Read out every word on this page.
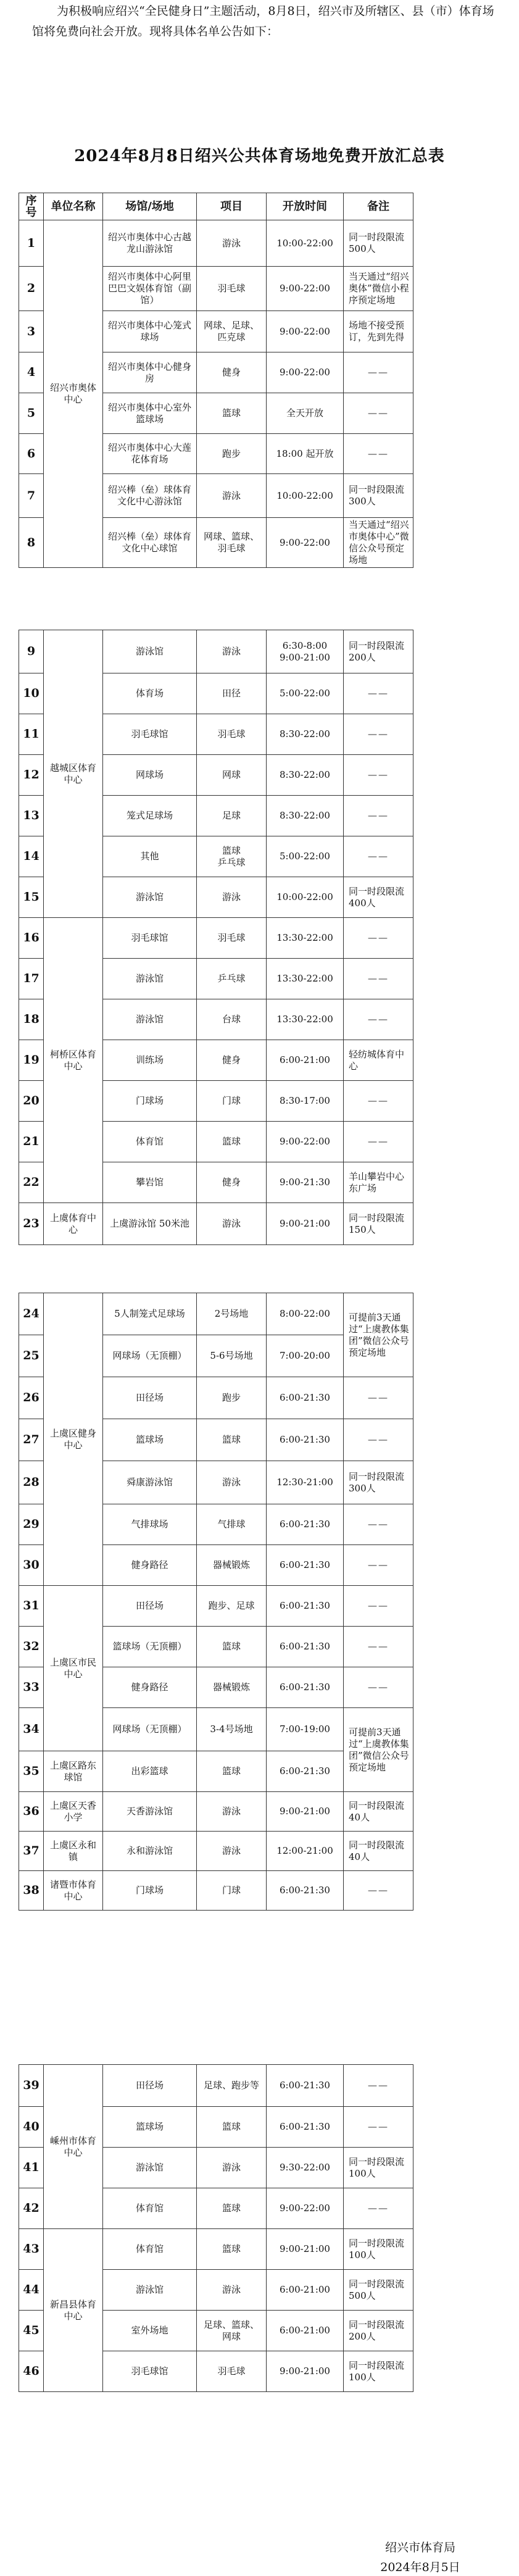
为积极响应绍兴“全民健身日”主题活动，8月8日，绍兴市及所辖区、县（市）体育场馆将免费向社会开放。现将具体名单公告如下：
2024年8月8日绍兴公共体育场地免费开放汇总表
序号	单位名称	场馆/场地	项目	开放时间	备注
1	绍兴市奥体中心	绍兴市奥体中心古越龙山游泳馆	游泳	10:00-22:00	同一时段限流500人
2		绍兴市奥体中心阿里巴巴文娱体育馆（副馆）	羽毛球	9:00-22:00	当天通过“绍兴奥体”微信小程序预定场地
3		绍兴市奥体中心笼式球场	网球、足球、匹克球	9:00-22:00	场地不接受预订，先到先得
4		绍兴市奥体中心健身房	健身	9:00-22:00	——
5		绍兴市奥体中心室外篮球场	篮球	全天开放	——
6		绍兴市奥体中心大莲花体育场	跑步	18:00 起开放	——
7		绍兴棒（垒）球体育文化中心游泳馆	游泳	10:00-22:00	同一时段限流300人
8		绍兴棒（垒）球体育文化中心球馆	网球、篮球、羽毛球	9:00-22:00	当天通过“绍兴市奥体中心”微信公众号预定场地
9	越城区体育中心	游泳馆	游泳	6:30-8:00
9:00-21:00	同一时段限流200人
10		体育场	田径	5:00-22:00	——
11		羽毛球馆	羽毛球	8:30-22:00	——
12		网球场	网球	8:30-22:00	——
13		笼式足球场	足球	8:30-22:00	——
14		其他	篮球
乒乓球	5:00-22:00	——
15		游泳馆	游泳	10:00-22:00	同一时段限流400人
16	柯桥区体育中心	羽毛球馆	羽毛球	13:30-22:00	——
17		游泳馆	乒乓球	13:30-22:00	——
18		游泳馆	台球	13:30-22:00	——
19		训练场	健身	6:00-21:00	轻纺城体育中心
20		门球场	门球	8:30-17:00	——
21		体育馆	篮球	9:00-22:00	——
22		攀岩馆	健身	9:00-21:30	羊山攀岩中心东广场
23	上虞体育中心	上虞游泳馆 50米池	游泳	9:00-21:00	同一时段限流150人
24	上虞区健身中心	5人制笼式足球场	2号场地	8:00-22:00	可提前3天通过“上虞教体集团”微信公众号预定场地
25		网球场（无顶棚）	5-6号场地	7:00-20:00	
26		田径场	跑步	6:00-21:30	——
27		篮球场	篮球	6:00-21:30	——
28		舜康游泳馆	游泳	12:30-21:00	同一时段限流300人
29		气排球场	气排球	6:00-21:30	——
30		健身路径	器械锻炼	6:00-21:30	——
31	上虞区市民中心	田径场	跑步、足球	6:00-21:30	——
32		篮球场（无顶棚）	篮球	6:00-21:30	——
33		健身路径	器械锻炼	6:00-21:30	——
34		网球场（无顶棚）	3-4号场地	7:00-19:00	可提前3天通过“上虞教体集团”微信公众号预定场地
35	上虞区路东球馆	出彩篮球	篮球	6:00-21:30	
36	上虞区天香小学	天香游泳馆	游泳	9:00-21:00	同一时段限流40人
37	上虞区永和镇	永和游泳馆	游泳	12:00-21:00	同一时段限流40人
38	诸暨市体育中心	门球场	门球	6:00-21:30	——
39	嵊州市体育中心	田径场	足球、跑步等	6:00-21:30	——
40		篮球场	篮球	6:00-21:30	——
41		游泳馆	游泳	9:30-22:00	同一时段限流100人
42		体育馆	篮球	9:00-22:00	——
43	新昌县体育中心	体育馆	篮球	9:00-21:00	同一时段限流100人
44		游泳馆	游泳	6:00-21:00	同一时段限流500人
45		室外场地	足球、篮球、网球	6:00-21:00	同一时段限流200人
46		羽毛球馆	羽毛球	9:00-21:00	同一时段限流100人
绍兴市体育局
2024年8月5日
